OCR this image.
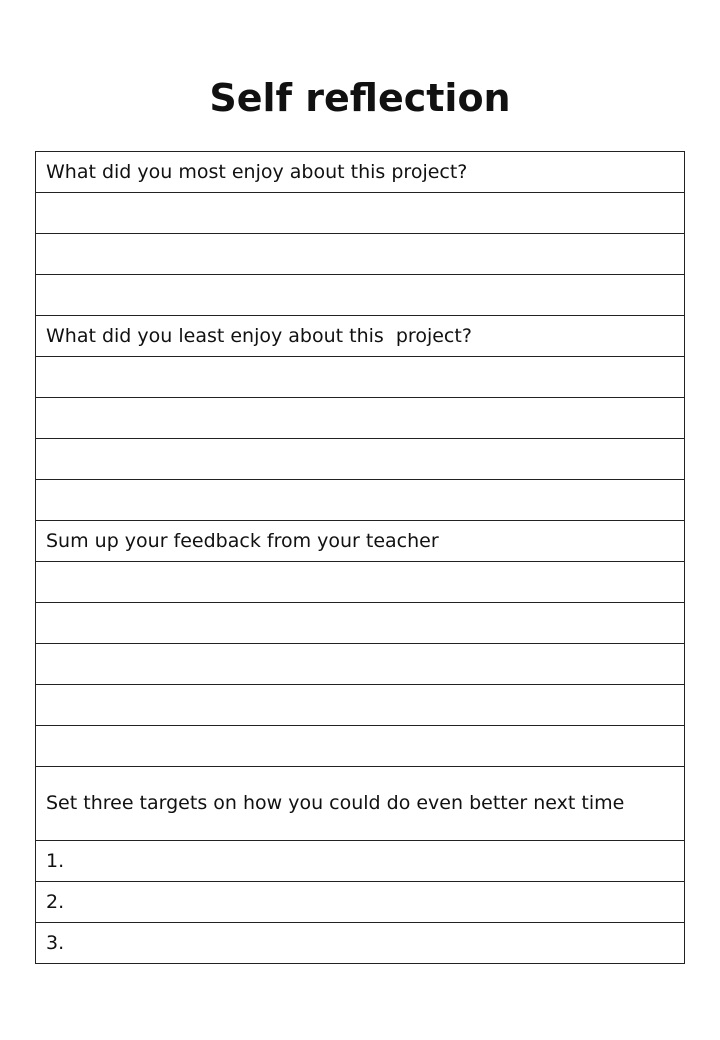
Self reflection
What did you most enjoy about this project?

What did you least enjoy about this  project?

Sum up your feedback from your teacher

Set three targets on how you could do even better next time
1.
2.
3.
